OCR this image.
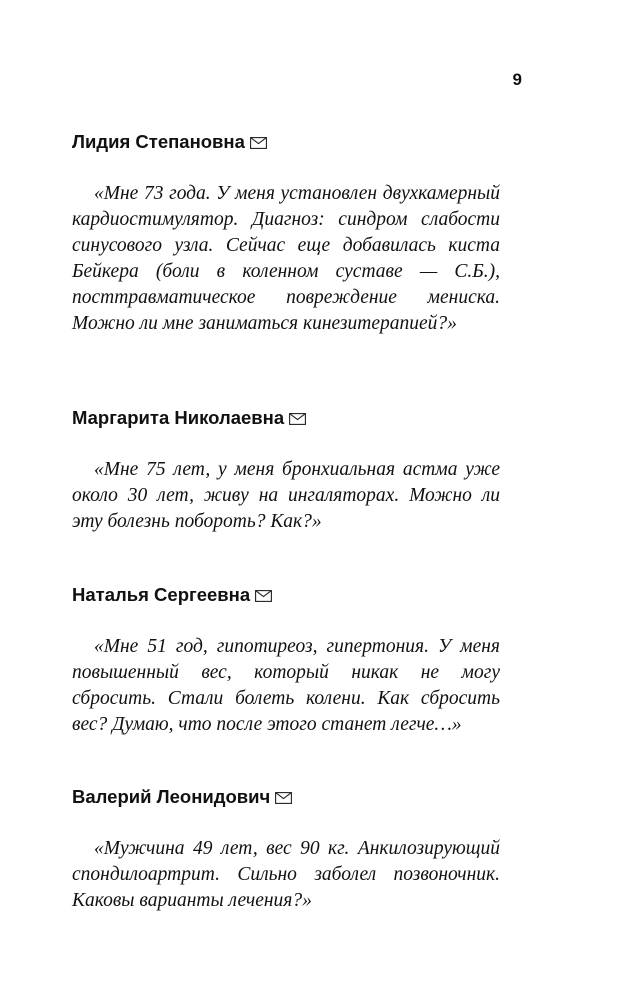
9
Лидия Степановна
«Мне 73 года. У меня установлен двухкамерный кардиостимулятор. Диагноз: синдром слабости синусового узла. Сейчас еще добавилась киста Бейкера (боли в коленном суставе — С.Б.), посттравматическое повреждение мениска. Можно ли мне заниматься кинезитерапией?»
Маргарита Николаевна
«Мне 75 лет, у меня бронхиальная астма уже около 30 лет, живу на ингаляторах. Можно ли эту болезнь побороть? Как?»
Наталья Сергеевна
«Мне 51 год, гипотиреоз, гипертония. У меня повышенный вес, который никак не могу сбросить. Стали болеть колени. Как сбросить вес? Думаю, что после этого станет легче…»
Валерий Леонидович
«Мужчина 49 лет, вес 90 кг. Анкилозирующий спондилоартрит. Сильно заболел позвоночник. Каковы варианты лечения?»
